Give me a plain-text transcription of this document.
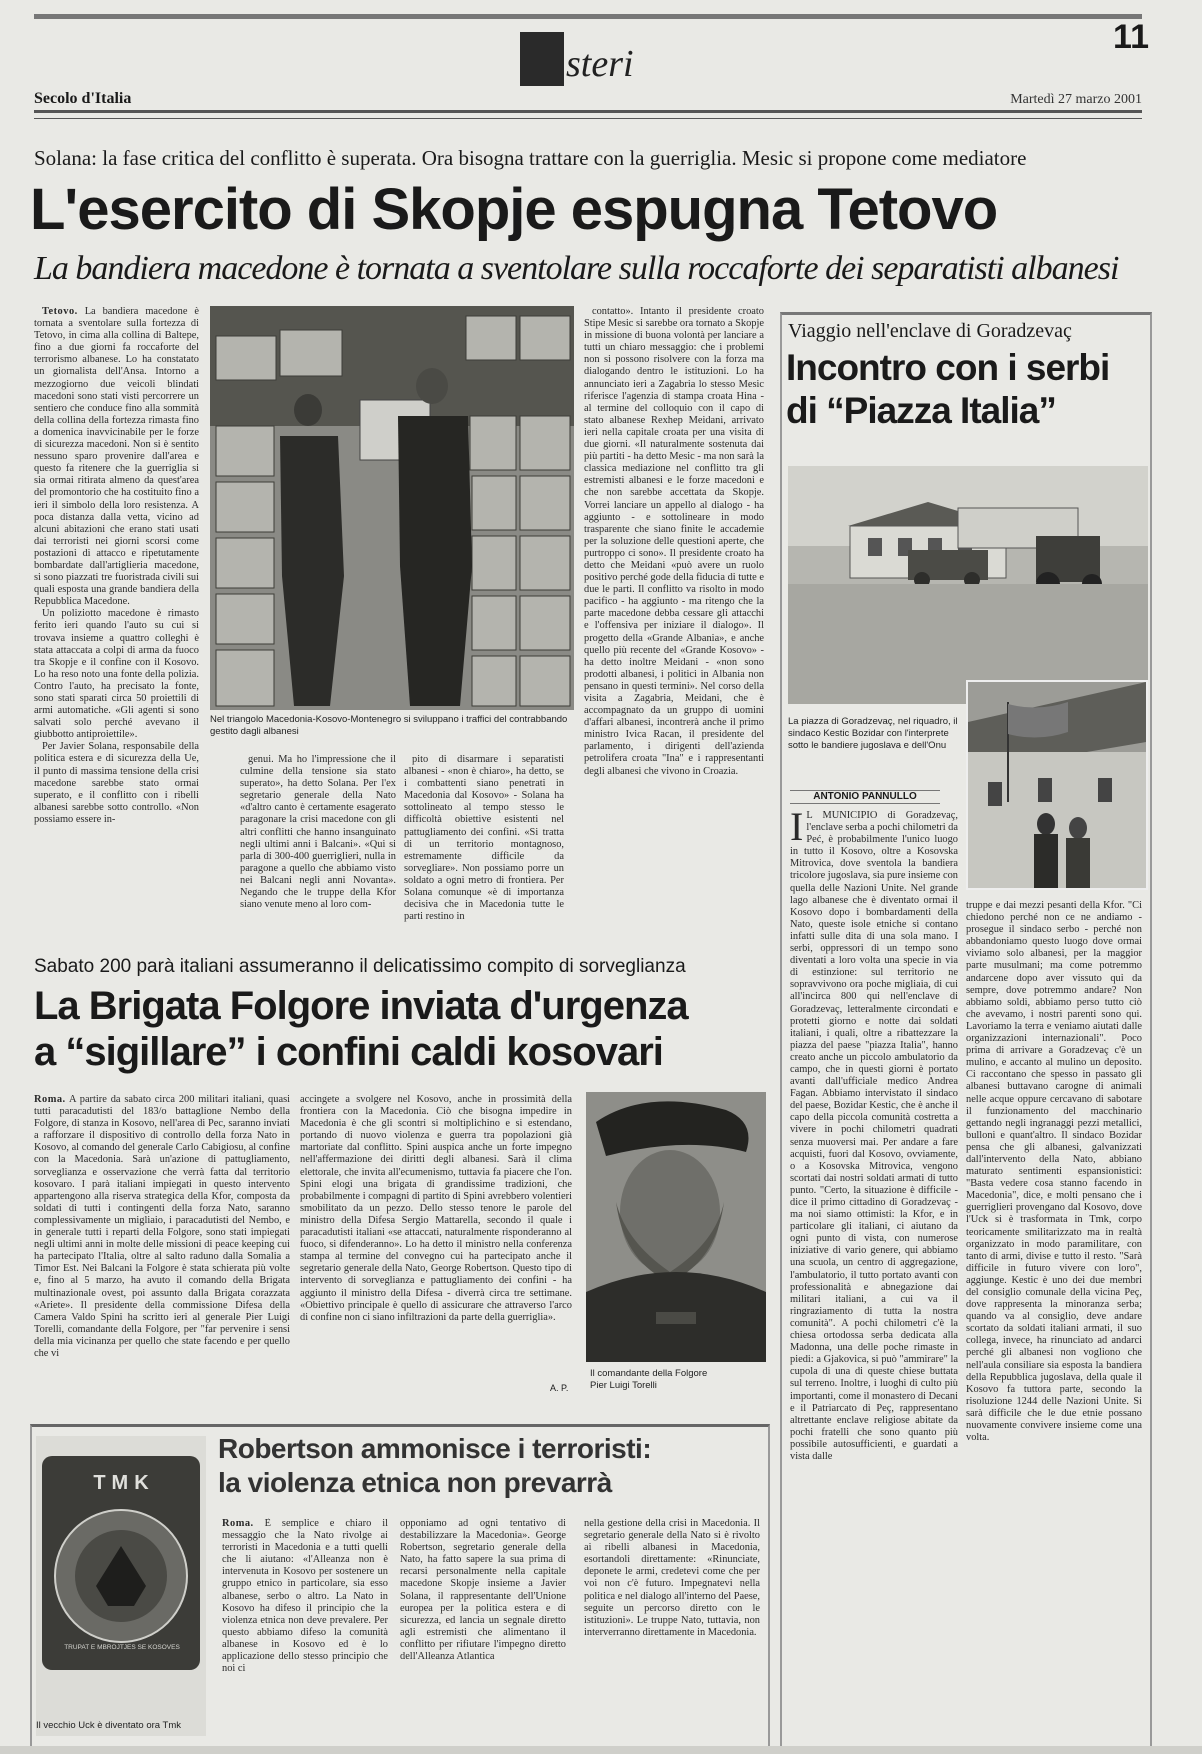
steri
11
Secolo d'Italia	Martedì 27 marzo 2001
Solana: la fase critica del conflitto è superata. Ora bisogna trattare con la guerriglia. Mesic si propone come mediatore
L'esercito di Skopje espugna Tetovo
La bandiera macedone è tornata a sventolare sulla roccaforte dei separatisti albanesi

Tetovo. La bandiera macedone è tornata a sventolare sulla fortezza di Tetovo, in cima alla collina di Baltepe, fino a due giorni fa roccaforte del terrorismo albanese. Lo ha constatato un giornalista dell'Ansa. Intorno a mezzogiorno due veicoli blindati macedoni sono stati visti percorrere un sentiero che conduce fino alla sommità della collina della fortezza rimasta fino a domenica inavvicinabile per le forze di sicurezza macedoni. Non si è sentito nessuno sparo provenire dall'area e questo fa ritenere che la guerriglia si sia ormai ritirata almeno da quest'area del promontorio che ha costituito fino a ieri il simbolo della loro resistenza. A poca distanza dalla vetta, vicino ad alcuni abitazioni che erano stati usati dai terroristi nei giorni scorsi come postazioni di attacco e ripetutamente bombardate dall'artiglieria macedone, si sono piazzati tre fuoristrada civili sui quali esposta una grande bandiera della Repubblica Macedone.

Un poliziotto macedone è rimasto ferito ieri quando l'auto su cui si trovava insieme a quattro colleghi è stata attaccata a colpi di arma da fuoco tra Skopje e il confine con il Kosovo. Lo ha reso noto una fonte della polizia. Contro l'auto, ha precisato la fonte, sono stati sparati circa 50 proiettili di armi automatiche. «Gli agenti si sono salvati solo perché avevano il giubbotto antiproiettile».

Per Javier Solana, responsabile della politica estera e di sicurezza della Ue, il punto di massima tensione della crisi macedone sarebbe stato ormai superato, e il conflitto con i ribelli albanesi sarebbe sotto controllo. «Non possiamo essere in-

Nel triangolo Macedonia-Kosovo-Montenegro si sviluppano i traffici del contrabbando gestito dagli albanesi

genui. Ma ho l'impressione che il culmine della tensione sia stato superato», ha detto Solana. Per l'ex segretario generale della Nato «d'altro canto è certamente esagerato paragonare la crisi macedone con gli altri conflitti che hanno insanguinato negli ultimi anni i Balcani». «Qui si parla di 300-400 guerriglieri, nulla in paragone a quello che abbiamo visto nei Balcani negli anni Novanta». Negando che le truppe della Kfor siano venute meno al loro com-

pito di disarmare i separatisti albanesi - «non è chiaro», ha detto, se i combattenti siano penetrati in Macedonia dal Kosovo» - Solana ha sottolineato al tempo stesso le difficoltà obiettive esistenti nel pattugliamento dei confini. «Si tratta di un territorio montagnoso, estremamente difficile da sorvegliare». Non possiamo porre un soldato a ogni metro di frontiera. Per Solana comunque «è di importanza decisiva che in Macedonia tutte le parti restino in

contatto». Intanto il presidente croato Stipe Mesic si sarebbe ora tornato a Skopje in missione di buona volontà per lanciare a tutti un chiaro messaggio: che i problemi non si possono risolvere con la forza ma dialogando dentro le istituzioni. Lo ha annunciato ieri a Zagabria lo stesso Mesic riferisce l'agenzia di stampa croata Hina - al termine del colloquio con il capo di stato albanese Rexhep Meidani, arrivato ieri nella capitale croata per una visita di due giorni. «Il naturalmente sostenuta dai più partiti - ha detto Mesic - ma non sarà la classica mediazione nel conflitto tra gli estremisti albanesi e le forze macedoni e che non sarebbe accettata da Skopje. Vorrei lanciare un appello al dialogo - ha aggiunto - e sottolineare in modo trasparente che siano finite le accademie per la soluzione delle questioni aperte, che purtroppo ci sono». Il presidente croato ha detto che Meidani «può avere un ruolo positivo perché gode della fiducia di tutte e due le parti. Il conflitto va risolto in modo pacifico - ha aggiunto - ma ritengo che la parte macedone debba cessare gli attacchi e l'offensiva per iniziare il dialogo». Il progetto della «Grande Albania», e anche quello più recente del «Grande Kosovo» - ha detto inoltre Meidani - «non sono prodotti albanesi, i politici in Albania non pensano in questi termini». Nel corso della visita a Zagabria, Meidani, che è accompagnato da un gruppo di uomini d'affari albanesi, incontrerà anche il primo ministro Ivica Racan, il presidente del parlamento, i dirigenti dell'azienda petrolifera croata "Ina" e i rappresentanti degli albanesi che vivono in Croazia.

Viaggio nell'enclave di Goradzevaç
Incontro con i serbi
di “Piazza Italia”
La piazza di Goradzevaç, nel riquadro, il sindaco Kestic Bozidar con l'interprete sotto le bandiere jugoslava e dell'Onu
ANTONIO PANNULLO

I L MUNICIPIO di Goradzevaç, l'enclave serba a pochi chilometri da Peć, è probabilmente l'unico luogo in tutto il Kosovo, oltre a Kosovska Mitrovica, dove sventola la bandiera tricolore jugoslava, sia pure insieme con quella delle Nazioni Unite. Nel grande lago albanese che è diventato ormai il Kosovo dopo i bombardamenti della Nato, queste isole etniche si contano infatti sulle dita di una sola mano. I serbi, oppressori di un tempo sono diventati a loro volta una specie in via di estinzione: sul territorio ne sopravvivono ora poche migliaia, di cui all'incirca 800 qui nell'enclave di Goradzevaç, letteralmente circondati e protetti giorno e notte dai soldati italiani, i quali, oltre a ribattezzare la piazza del paese "piazza Italia", hanno creato anche un piccolo ambulatorio da campo, che in questi giorni è portato avanti dall'ufficiale medico Andrea Fagan. Abbiamo intervistato il sindaco del paese, Bozidar Kestic, che è anche il capo della piccola comunità costretta a vivere in pochi chilometri quadrati senza muoversi mai. Per andare a fare acquisti, fuori dal Kosovo, ovviamente, o a Kosovska Mitrovica, vengono scortati dai nostri soldati armati di tutto punto. "Certo, la situazione è difficile - dice il primo cittadino di Goradzevaç - ma noi siamo ottimisti: la Kfor, e in particolare gli italiani, ci aiutano da ogni punto di vista, con numerose iniziative di vario genere, qui abbiamo una scuola, un centro di aggregazione, l'ambulatorio, il tutto portato avanti con professionalità e abnegazione dai militari italiani, a cui va il ringraziamento di tutta la nostra comunità". A pochi chilometri c'è la chiesa ortodossa serba dedicata alla Madonna, una delle poche rimaste in piedi: a Gjakovica, si può "ammirare" la cupola di una di queste chiese buttata sul terreno. Inoltre, i luoghi di culto più importanti, come il monastero di Decani e il Patriarcato di Peç, rappresentano altrettante enclave religiose abitate da pochi fratelli che sono quanto più possibile autosufficienti, e guardati a vista dalle

truppe e dai mezzi pesanti della Kfor. "Ci chiedono perché non ce ne andiamo - prosegue il sindaco serbo - perché non abbandoniamo questo luogo dove ormai viviamo solo albanesi, per la maggior parte musulmani; ma come potremmo andarcene dopo aver vissuto qui da sempre, dove potremmo andare? Non abbiamo soldi, abbiamo perso tutto ciò che avevamo, i nostri parenti sono qui. Lavoriamo la terra e veniamo aiutati dalle organizzazioni internazionali". Poco prima di arrivare a Goradzevaç c'è un mulino, e accanto al mulino un deposito. Ci raccontano che spesso in passato gli albanesi buttavano carogne di animali nelle acque oppure cercavano di sabotare il funzionamento del macchinario gettando negli ingranaggi pezzi metallici, bulloni e quant'altro. Il sindaco Bozidar pensa che gli albanesi, galvanizzati dall'intervento della Nato, abbiano maturato sentimenti espansionistici: "Basta vedere cosa stanno facendo in Macedonia", dice, e molti pensano che i guerriglieri provengano dal Kosovo, dove l'Uck si è trasformata in Tmk, corpo teoricamente smilitarizzato ma in realtà organizzato in modo paramilitare, con tanto di armi, divise e tutto il resto. "Sarà difficile in futuro vivere con loro", aggiunge. Kestic è uno dei due membri del consiglio comunale della vicina Peç, dove rappresenta la minoranza serba; quando va al consiglio, deve andare scortato da soldati italiani armati, il suo collega, invece, ha rinunciato ad andarci perché gli albanesi non vogliono che nell'aula consiliare sia esposta la bandiera della Repubblica jugoslava, della quale il Kosovo fa tuttora parte, secondo la risoluzione 1244 delle Nazioni Unite. Si sarà difficile che le due etnie possano nuovamente convivere insieme come una volta.

Sabato 200 parà italiani assumeranno il delicatissimo compito di sorveglianza
La Brigata Folgore inviata d'urgenza
a “sigillare” i confini caldi kosovari

Roma. A partire da sabato circa 200 militari italiani, quasi tutti paracadutisti del 183/o battaglione Nembo della Folgore, di stanza in Kosovo, nell'area di Pec, saranno inviati a rafforzare il dispositivo di controllo della forza Nato in Kosovo, al comando del generale Carlo Cabigiosu, al confine con la Macedonia. Sarà un'azione di pattugliamento, sorveglianza e osservazione che verrà fatta dal territorio kosovaro. I parà italiani impiegati in questo intervento appartengono alla riserva strategica della Kfor, composta da soldati di tutti i contingenti della forza Nato, saranno complessivamente un migliaio, i paracadutisti del Nembo, e in generale tutti i reparti della Folgore, sono stati impiegati negli ultimi anni in molte delle missioni di peace keeping cui ha partecipato l'Italia, oltre al salto raduno dalla Somalia a Timor Est. Nei Balcani la Folgore è stata schierata più volte e, fino al 5 marzo, ha avuto il comando della Brigata multinazionale ovest, poi assunto dalla Brigata corazzata «Ariete». Il presidente della commissione Difesa della Camera Valdo Spini ha scritto ieri al generale Pier Luigi Torelli, comandante della Folgore, per "far pervenire i sensi della mia vicinanza per quello che state facendo e per quello che vi

accingete a svolgere nel Kosovo, anche in prossimità della frontiera con la Macedonia. Ciò che bisogna impedire in Macedonia è che gli scontri si moltiplichino e si estendano, portando di nuovo violenza e guerra tra popolazioni già martoriate dal conflitto. Spini auspica anche un forte impegno nell'affermazione dei diritti degli albanesi. Sarà il clima elettorale, che invita all'ecumenismo, tuttavia fa piacere che l'on. Spini elogi una brigata di grandissime tradizioni, che probabilmente i compagni di partito di Spini avrebbero volentieri smobilitato da un pezzo. Dello stesso tenore le parole del ministro della Difesa Sergio Mattarella, secondo il quale i paracadutisti italiani «se attaccati, naturalmente risponderanno al fuoco, si difenderanno». Lo ha detto il ministro nella conferenza stampa al termine del convegno cui ha partecipato anche il segretario generale della Nato, George Robertson. Questo tipo di intervento di sorveglianza e pattugliamento dei confini - ha aggiunto il ministro della Difesa - diverrà circa tre settimane. «Obiettivo principale è quello di assicurare che attraverso l'arco di confine non ci siano infiltrazioni da parte della guerriglia».

Il comandante della Folgore
Pier Luigi Torelli
A. P.
TMK
TRUPAT E MBROJTJES SE KOSOVES
Il vecchio Uck è diventato ora Tmk
Robertson ammonisce i terroristi:
la violenza etnica non prevarrà

Roma. È semplice e chiaro il messaggio che la Nato rivolge ai terroristi in Macedonia e a tutti quelli che li aiutano: «l'Alleanza non è intervenuta in Kosovo per sostenere un gruppo etnico in particolare, sia esso albanese, serbo o altro. La Nato in Kosovo ha difeso il principio che la violenza etnica non deve prevalere. Per questo abbiamo difeso la comunità albanese in Kosovo ed è lo applicazione dello stesso principio che noi ci

opponiamo ad ogni tentativo di destabilizzare la Macedonia». George Robertson, segretario generale della Nato, ha fatto sapere la sua prima di recarsi personalmente nella capitale macedone Skopje insieme a Javier Solana, il rappresentante dell'Unione europea per la politica estera e di sicurezza, ed lancia un segnale diretto agli estremisti che alimentano il conflitto per rifiutare l'impegno diretto dell'Alleanza Atlantica

nella gestione della crisi in Macedonia. Il segretario generale della Nato si è rivolto ai ribelli albanesi in Macedonia, esortandoli direttamente: «Rinunciate, deponete le armi, credetevi come che per voi non c'è futuro. Impegnatevi nella politica e nel dialogo all'interno del Paese, seguite un percorso diretto con le istituzioni». Le truppe Nato, tuttavia, non interverranno direttamente in Macedonia.
